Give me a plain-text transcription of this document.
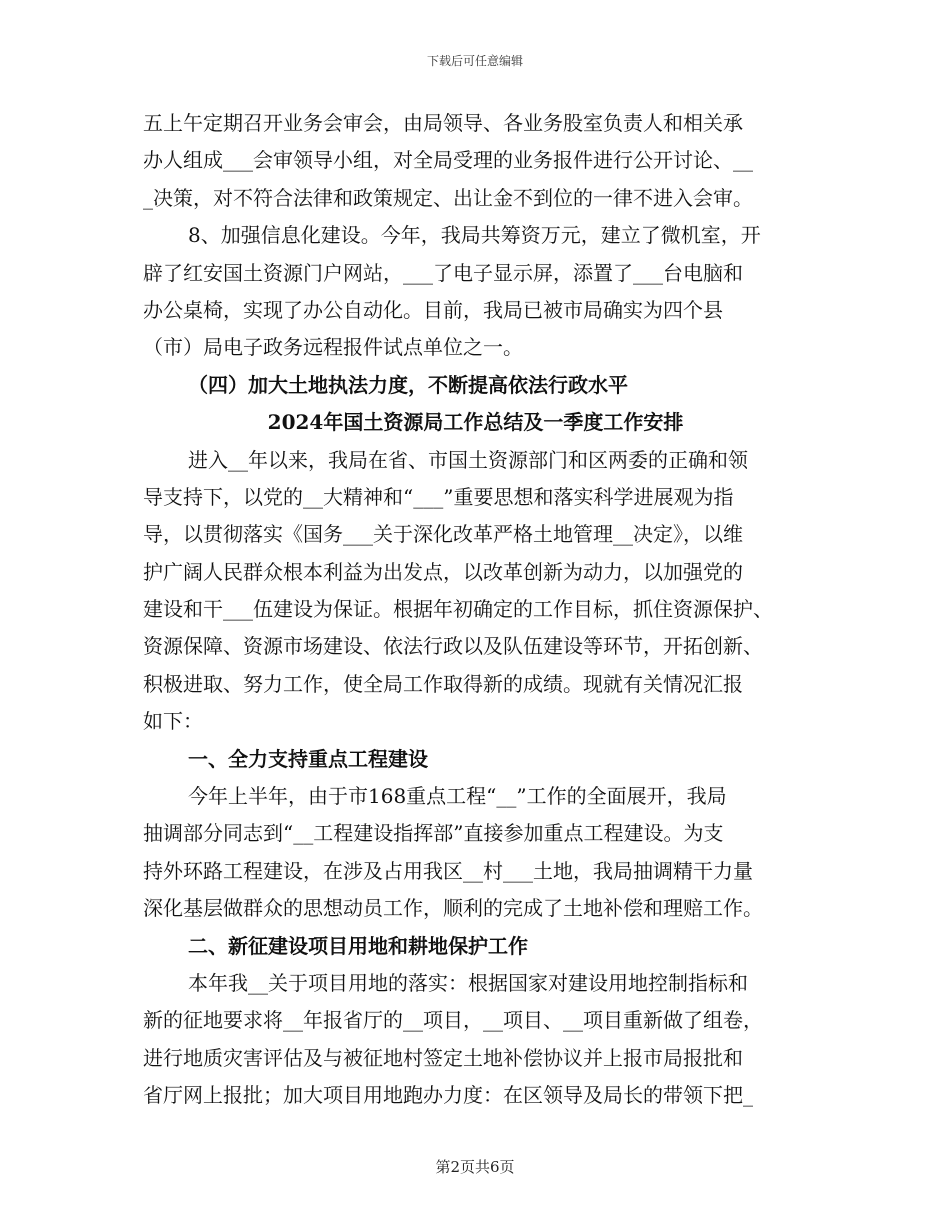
下载后可任意编辑
五上午定期召开业务会审会，由局领导、各业务股室负责人和相关承
办人组成___会审领导小组，对全局受理的业务报件进行公开讨论、__
_决策，对不符合法律和政策规定、出让金不到位的一律不进入会审。
8、加强信息化建设。今年，我局共筹资万元，建立了微机室，开
辟了红安国土资源门户网站，___了电子显示屏，添置了___台电脑和
办公桌椅，实现了办公自动化。目前，我局已被市局确实为四个县
（市）局电子政务远程报件试点单位之一。
（四）加大土地执法力度，不断提高依法行政水平
2024年国土资源局工作总结及一季度工作安排
进入__年以来，我局在省、市国土资源部门和区两委的正确和领
导支持下，以党的__大精神和“___”重要思想和落实科学进展观为指
导，以贯彻落实《国务___关于深化改革严格土地管理__决定》，以维
护广阔人民群众根本利益为出发点，以改革创新为动力，以加强党的
建设和干___伍建设为保证。根据年初确定的工作目标，抓住资源保护、
资源保障、资源市场建设、依法行政以及队伍建设等环节，开拓创新、
积极进取、努力工作，使全局工作取得新的成绩。现就有关情况汇报
如下：
一、全力支持重点工程建设
今年上半年，由于市168重点工程“__”工作的全面展开，我局
抽调部分同志到“__工程建设指挥部”直接参加重点工程建设。为支
持外环路工程建设，在涉及占用我区__村___土地，我局抽调精干力量
深化基层做群众的思想动员工作，顺利的完成了土地补偿和理赔工作。
二、新征建设项目用地和耕地保护工作
本年我__关于项目用地的落实：根据国家对建设用地控制指标和
新的征地要求将__年报省厅的__项目，__项目、__项目重新做了组卷，
进行地质灾害评估及与被征地村签定土地补偿协议并上报市局报批和
省厅网上报批；加大项目用地跑办力度：在区领导及局长的带领下把_
第2页共6页
